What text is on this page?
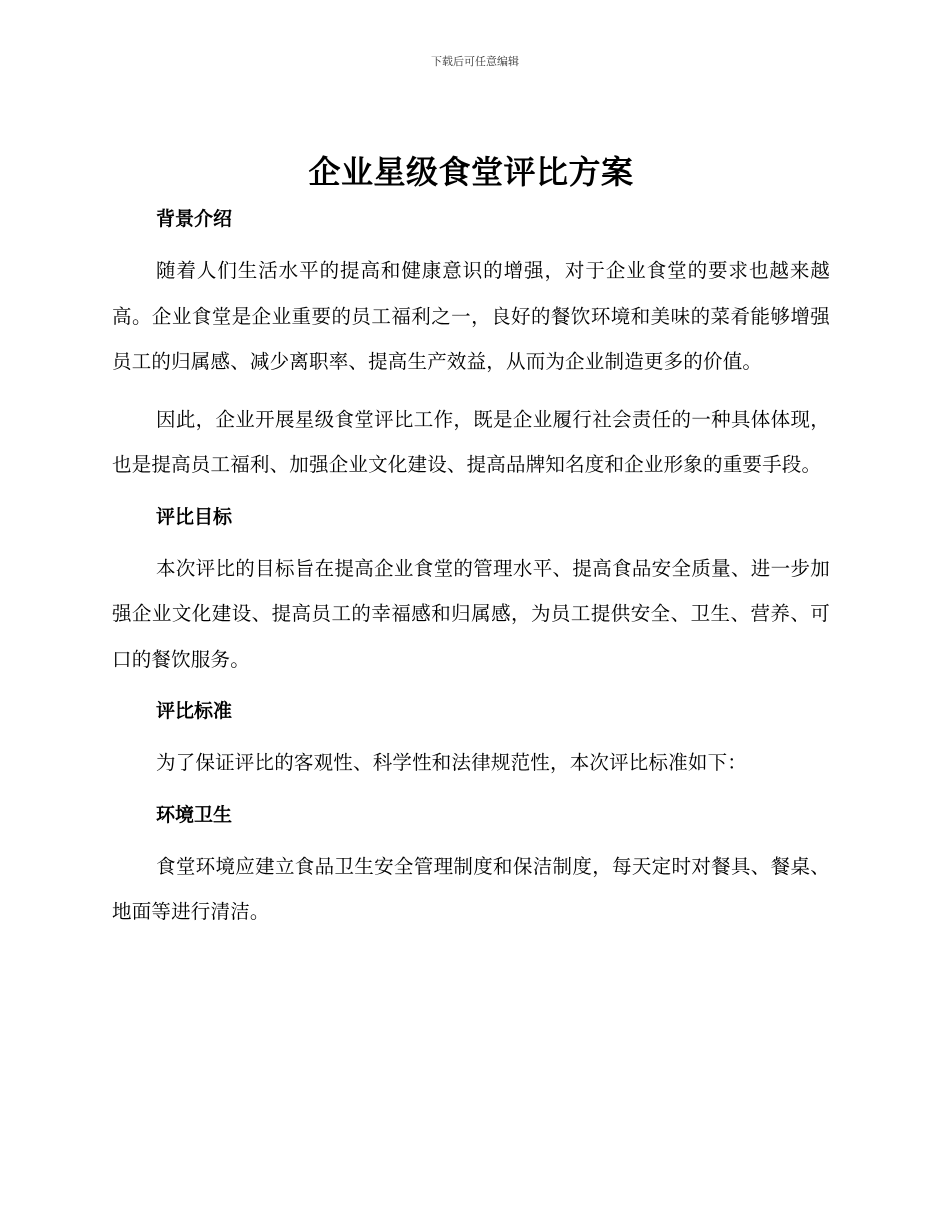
下载后可任意编辑
企业星级食堂评比方案
背景介绍

随着人们生活水平的提高和健康意识的增强，对于企业食堂的要求也越来越高。企业食堂是企业重要的员工福利之一，良好的餐饮环境和美味的菜肴能够增强员工的归属感、减少离职率、提高生产效益，从而为企业制造更多的价值。

因此，企业开展星级食堂评比工作，既是企业履行社会责任的一种具体体现，也是提高员工福利、加强企业文化建设、提高品牌知名度和企业形象的重要手段。

评比目标

本次评比的目标旨在提高企业食堂的管理水平、提高食品安全质量、进一步加强企业文化建设、提高员工的幸福感和归属感，为员工提供安全、卫生、营养、可口的餐饮服务。

评比标准

为了保证评比的客观性、科学性和法律规范性，本次评比标准如下：

环境卫生

食堂环境应建立食品卫生安全管理制度和保洁制度，每天定时对餐具、餐桌、地面等进行清洁。
